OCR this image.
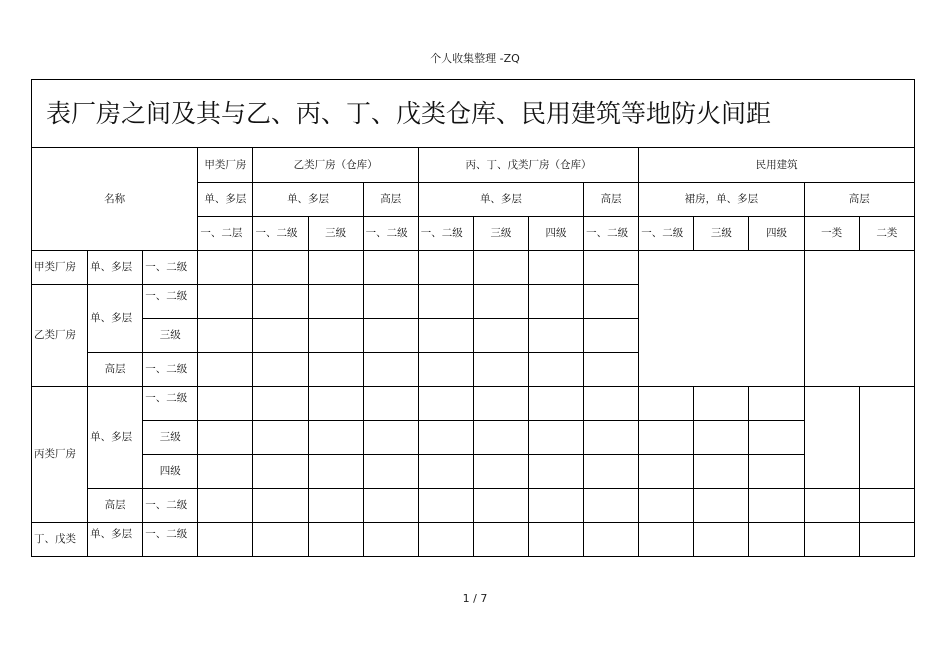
个人收集整理 -ZQ
表厂房之间及其与乙、丙、丁、戊类仓库、民用建筑等地防火间距															
名称			甲类厂房	乙类厂房（仓库）			丙、丁、戊类厂房（仓库）				民用建筑				
			单、多层	单、多层		高层	单、多层			高层	裙房，单、多层			高层	
			一、二层	一、二级	三级	一、二级	一、二级	三级	四级	一、二级	一、二级	三级	四级	一类	二类
甲类厂房	单、多层	一、二级													
乙类厂房	单、多层	一、二级													
		三级													
	高层	一、二级													
丙类厂房	单、多层	一、二级													
		三级													
		四级													
	高层	一、二级													
丁、戊类	单、多层	一、二级													
1 / 7
